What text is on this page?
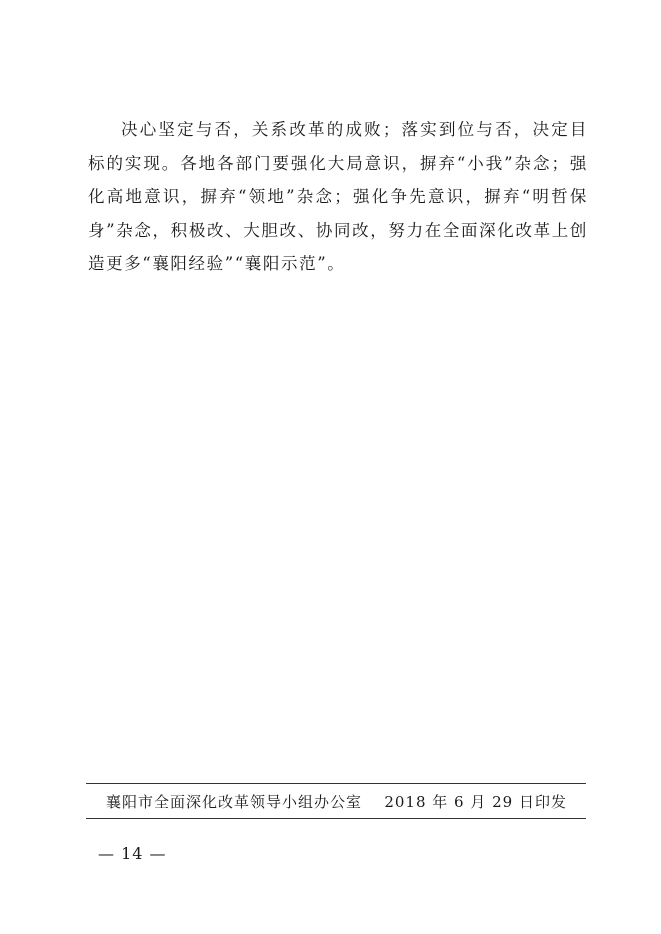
决心坚定与否，关系改革的成败；落实到位与否，决定目标的实现。各地各部门要强化大局意识，摒弃“小我”杂念；强化高地意识，摒弃“领地”杂念；强化争先意识，摒弃“明哲保身”杂念，积极改、大胆改、协同改，努力在全面深化改革上创造更多“襄阳经验”“襄阳示范”。

襄阳市全面深化改革领导小组办公室 2018 年 6 月 29 日印发
— 14 —
